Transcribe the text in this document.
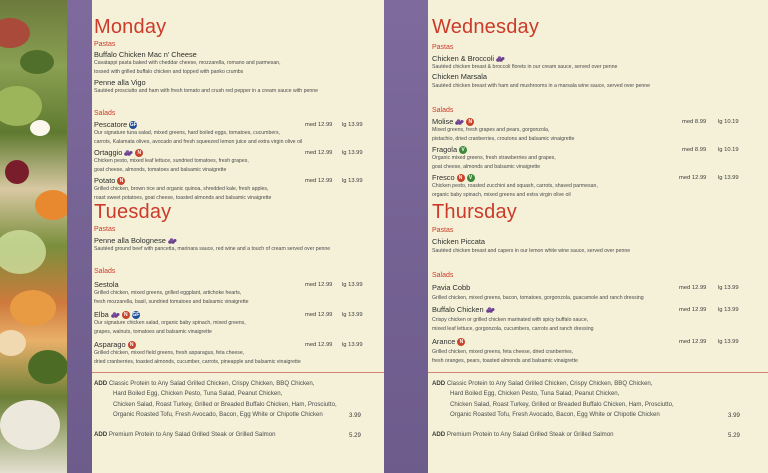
Monday
Pastas
Buffalo Chicken Mac n' Cheese
Cavatappi pasta baked with cheddar cheese, mozzarella, romano and parmesan,
tossed with grilled buffalo chicken and topped with panko crumbs
Penne alla Vigo
Sautéed prosciutto and ham with fresh tomato and crush red pepper in a cream sauce with penne
Salads
Pescatore GF	med 12.99 lg 13.99
Our signature tuna salad, mixed greens, hard boiled eggs, tomatoes, cucumbers,
carrots, Kalamata olives, avocado and fresh squeezed lemon juice and extra virgin olive oil
Ortaggio	N	med 12.99 lg 13.99
Chicken pesto, mixed leaf lettuce, sundried tomatoes, fresh grapes,
goat cheese, almonds, tomatoes and balsamic vinaigrette
Potato N	med 12.99 lg 13.99
Grilled chicken, brown rice and organic quinoa, shredded kale, fresh apples,
roast sweet potatoes, goat cheese, toasted almonds and balsamic vinaigrette
Tuesday
Pastas
Penne alla Bolognese
Sautéed ground beef with pancetta, marinara sauce, red wine and a touch of cream served over penne
Salads
Sestola	med 12.99 lg 13.99
Grilled chicken, mixed greens, grilled eggplant, artichoke hearts,
fresh mozzarella, basil, sundried tomatoes and balsamic vinaigrette
Elba	N GF	med 12.99 lg 13.99
Our signature chicken salad, organic baby spinach, mixed greens,
grapes, walnuts, tomatoes and balsamic vinaigrette
Asparago N	med 12.99 lg 13.99
Grilled chicken, mixed field greens, fresh asparagus, feta cheese,
dried cranberries, toasted almonds, cucumber, carrots, pineapple and balsamic vinaigrette
ADD Classic Protein to Any Salad Grilled Chicken, Crispy Chicken, BBQ Chicken,
Hard Boiled Egg, Chicken Pesto, Tuna Salad, Peanut Chicken,
Chicken Salad, Roast Turkey, Grilled or Breaded Buffalo Chicken, Ham, Prosciutto,
Organic Roasted Tofu, Fresh Avocado, Bacon, Egg White or Chipotle Chicken	3.99
ADD Premium Protein to Any Salad Grilled Steak or Grilled Salmon	5.29
Wednesday
Pastas
Chicken & Broccoli
Sautéed chicken breast & broccoli florets in our cream sauce, served over penne
Chicken Marsala
Sautéed chicken breast with ham and mushrooms in a marsala wine sauce, served over penne
Salads
Molise	N	med 8.99 lg 10.19
Mixed greens, fresh grapes and pears, gorgonzola,
pistachio, dried cranberries, croutons and balsamic vinaigrette
Fragola V	med 8.99 lg 10.19
Organic mixed greens, fresh strawberries and grapes,
goat cheese, almonds and balsamic vinaigrette
Fresco N V	med 12.99 lg 13.99
Chicken pesto, roasted zucchini and squash, carrots, shaved parmesan,
organic baby spinach, mixed greens and extra virgin olive oil
Thursday
Pastas
Chicken Piccata
Sautéed chicken breast and capers in our lemon white wine sauce, served over penne
Salads
Pavia Cobb	med 12.99 lg 13.99
Grilled chicken, mixed greens, bacon, tomatoes, gorgonzola, guacamole and ranch dressing
Buffalo Chicken	med 12.99 lg 13.99
Crispy chicken or grilled chicken marinated with spicy buffalo sauce,
mixed leaf lettuce, gorgonzola, cucumbers, carrots and ranch dressing
Arance N	med 12.99 lg 13.99
Grilled chicken, mixed greens, feta cheese, dried cranberries,
fresh oranges, pears, toasted almonds and balsamic vinaigrette
ADD Classic Protein to Any Salad Grilled Chicken, Crispy Chicken, BBQ Chicken,
Hard Boiled Egg, Chicken Pesto, Tuna Salad, Peanut Chicken,
Chicken Salad, Roast Turkey, Grilled or Breaded Buffalo Chicken, Ham, Prosciutto,
Organic Roasted Tofu, Fresh Avocado, Bacon, Egg White or Chipotle Chicken	3.99
ADD Premium Protein to Any Salad Grilled Steak or Grilled Salmon	5.29
